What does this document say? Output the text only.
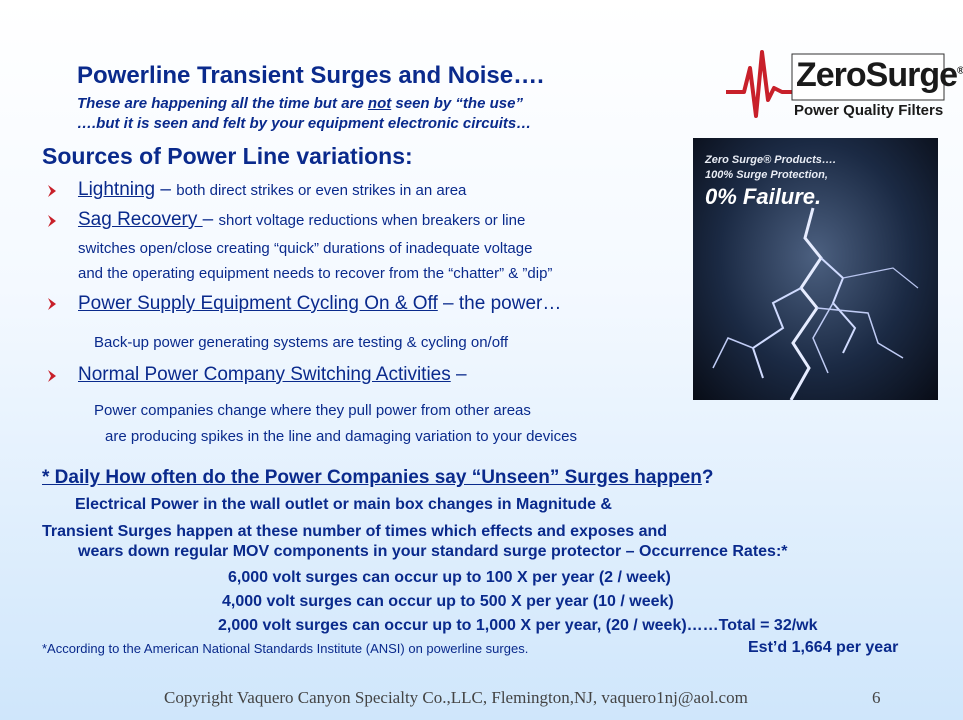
Powerline Transient Surges and Noise….
These are happening all the time but are not seen by “the use”
….but it is seen and felt by your equipment electronic circuits…
ZeroSurge®
Power Quality Filters
Zero Surge® Products….
100% Surge Protection,
0% Failure.
Sources of Power Line variations:
Lightning – both direct strikes or even strikes in an area
Sag Recovery – short voltage reductions when breakers or line
switches open/close creating “quick” durations of inadequate voltage
and the operating equipment needs to recover from the “chatter” & ”dip”
Power Supply Equipment Cycling On & Off – the power…
Back-up power generating systems are testing & cycling on/off
Normal Power Company Switching Activities –
Power companies change where they pull power from other areas
are producing spikes in the line and damaging variation to your devices
* Daily How often do the Power Companies say “Unseen” Surges happen?
Electrical Power in the wall outlet or main box changes in Magnitude &
Transient Surges happen at these number of times which effects and exposes and
wears down regular MOV components in your standard surge protector – Occurrence Rates:*
6,000 volt surges can occur up to 100 X per year (2 / week)
4,000 volt surges can occur up to 500 X per year (10 / week)
2,000 volt surges can occur up to 1,000 X per year, (20 / week)……Total = 32/wk
*According to the American National Standards Institute (ANSI) on powerline surges.	Est’d 1,664 per year
Copyright Vaquero Canyon Specialty Co.,LLC, Flemington,NJ, vaquero1nj@aol.com	6
